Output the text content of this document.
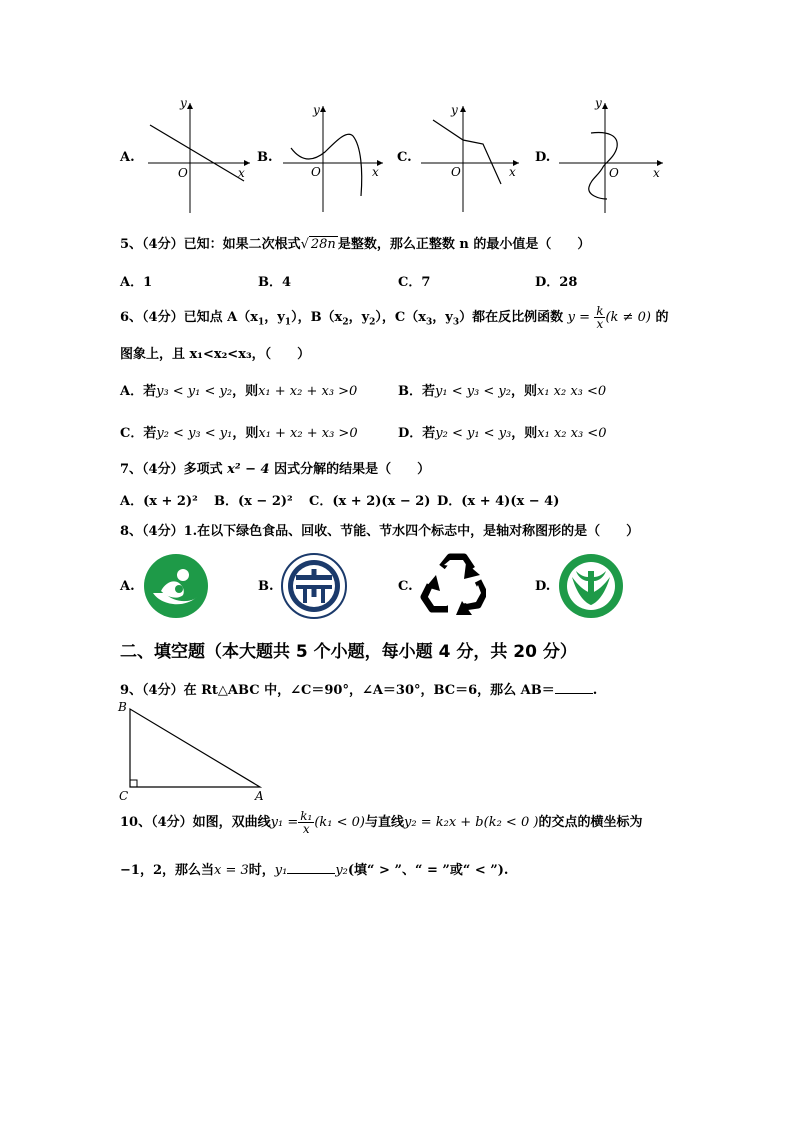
A.
y
x
O
B.
y
x
O
C.
y
x
O
D.
y
x
O
5、（4分）已知：如果二次根式√ 28n 是整数，那么正整数 n 的最小值是（　　）
A．1	B．4	C．7	D．28
6、（4分）已知点 $A(x_1$，$y_1$），$B(x_2$，$y_2$），$C(x_3$，$y_3$）都在反比例函数 $y = \frac{k}{x} (k \ne 0)$ 的
图象上，且 x₁<x₂<x₃，（　　）
A．若y₃ < y₁ < y₂，则x₁ + x₂ + x₃ >0	B．若y₁ < y₃ < y₂，则x₁ x₂ x₃ <0
C．若y₂ < y₃ < y₁，则x₁ + x₂ + x₃ >0	D．若y₂ < y₁ < y₃，则x₁ x₂ x₃ <0
7、（4分）多项式 x² − 4 因式分解的结果是（　　）
A．(x + 2)² B．(x − 2)² C．(x + 2)(x − 2) D．(x + 4)(x − 4)
8、（4分）1.在以下绿色食品、回收、节能、节水四个标志中，是轴对称图形的是（　　）
A.	B.	C.	D.
二、填空题（本大题共 5 个小题，每小题 4 分，共 20 分）
9、（4分）在 Rt△ABC 中，∠C＝90°，∠A＝30°，BC＝6，那么 AB＝	.
B
C	A
10、（4分）如图，双曲线$y_1 = \frac{\text{k₁}}{x} (k_1 < 0)$与直线y₂ = k₂x + b(k₂ < 0 )的交点的横坐标为
−1，2，那么当x = 3时，y₁	y₂(填“ > ”、“ = ”或“ < ”).
